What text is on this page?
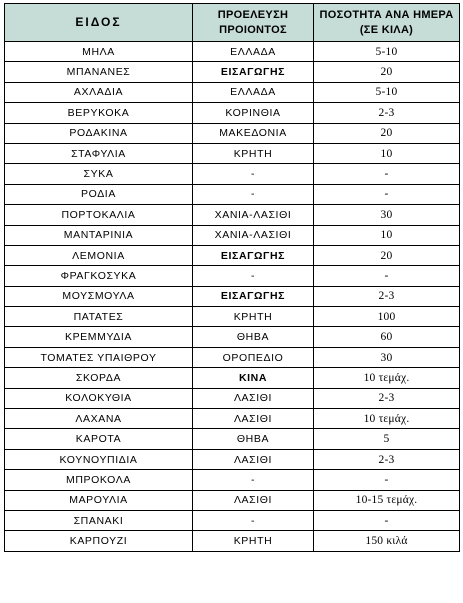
ΕΙΔΟΣ	ΠΡΟΕΛΕΥΣΗ ΠΡΟΙΟΝΤΟΣ	ΠΟΣΟΤΗΤΑ ΑΝΑ ΗΜΕΡΑ (ΣΕ ΚΙΛΑ)
ΜΗΛΑ	ΕΛΛΑΔΑ	5-10
ΜΠΑΝΑΝΕΣ	ΕΙΣΑΓΩΓΗΣ	20
ΑΧΛΑΔΙΑ	ΕΛΛΑΔΑ	5-10
ΒΕΡΥΚΟΚΑ	ΚΟΡΙΝΘΙΑ	2-3
ΡΟΔΑΚΙΝΑ	ΜΑΚΕΔΟΝΙΑ	20
ΣΤΑΦΥΛΙΑ	ΚΡΗΤΗ	10
ΣΥΚΑ	-	-
ΡΟΔΙΑ	-	-
ΠΟΡΤΟΚΑΛΙΑ	ΧΑΝΙΑ-ΛΑΣΙΘΙ	30
ΜΑΝΤΑΡΙΝΙΑ	ΧΑΝΙΑ-ΛΑΣΙΘΙ	10
ΛΕΜΟΝΙΑ	ΕΙΣΑΓΩΓΗΣ	20
ΦΡΑΓΚΟΣΥΚΑ	-	-
ΜΟΥΣΜΟΥΛΑ	ΕΙΣΑΓΩΓΗΣ	2-3
ΠΑΤΑΤΕΣ	ΚΡΗΤΗ	100
ΚΡΕΜΜΥΔΙΑ	ΘΗΒΑ	60
ΤΟΜΑΤΕΣ ΥΠΑΙΘΡΟΥ	ΟΡΟΠΕΔΙΟ	30
ΣΚΟΡΔΑ	ΚΙΝΑ	10 τεμάχ.
ΚΟΛΟΚΥΘΙΑ	ΛΑΣΙΘΙ	2-3
ΛΑΧΑΝΑ	ΛΑΣΙΘΙ	10 τεμάχ.
ΚΑΡΟΤΑ	ΘΗΒΑ	5
ΚΟΥΝΟΥΠΙΔΙΑ	ΛΑΣΙΘΙ	2-3
ΜΠΡΟΚΟΛΑ	-	-
ΜΑΡΟΥΛΙΑ	ΛΑΣΙΘΙ	10-15 τεμάχ.
ΣΠΑΝΑΚΙ	-	-
ΚΑΡΠΟΥΖΙ	ΚΡΗΤΗ	150 κιλά
